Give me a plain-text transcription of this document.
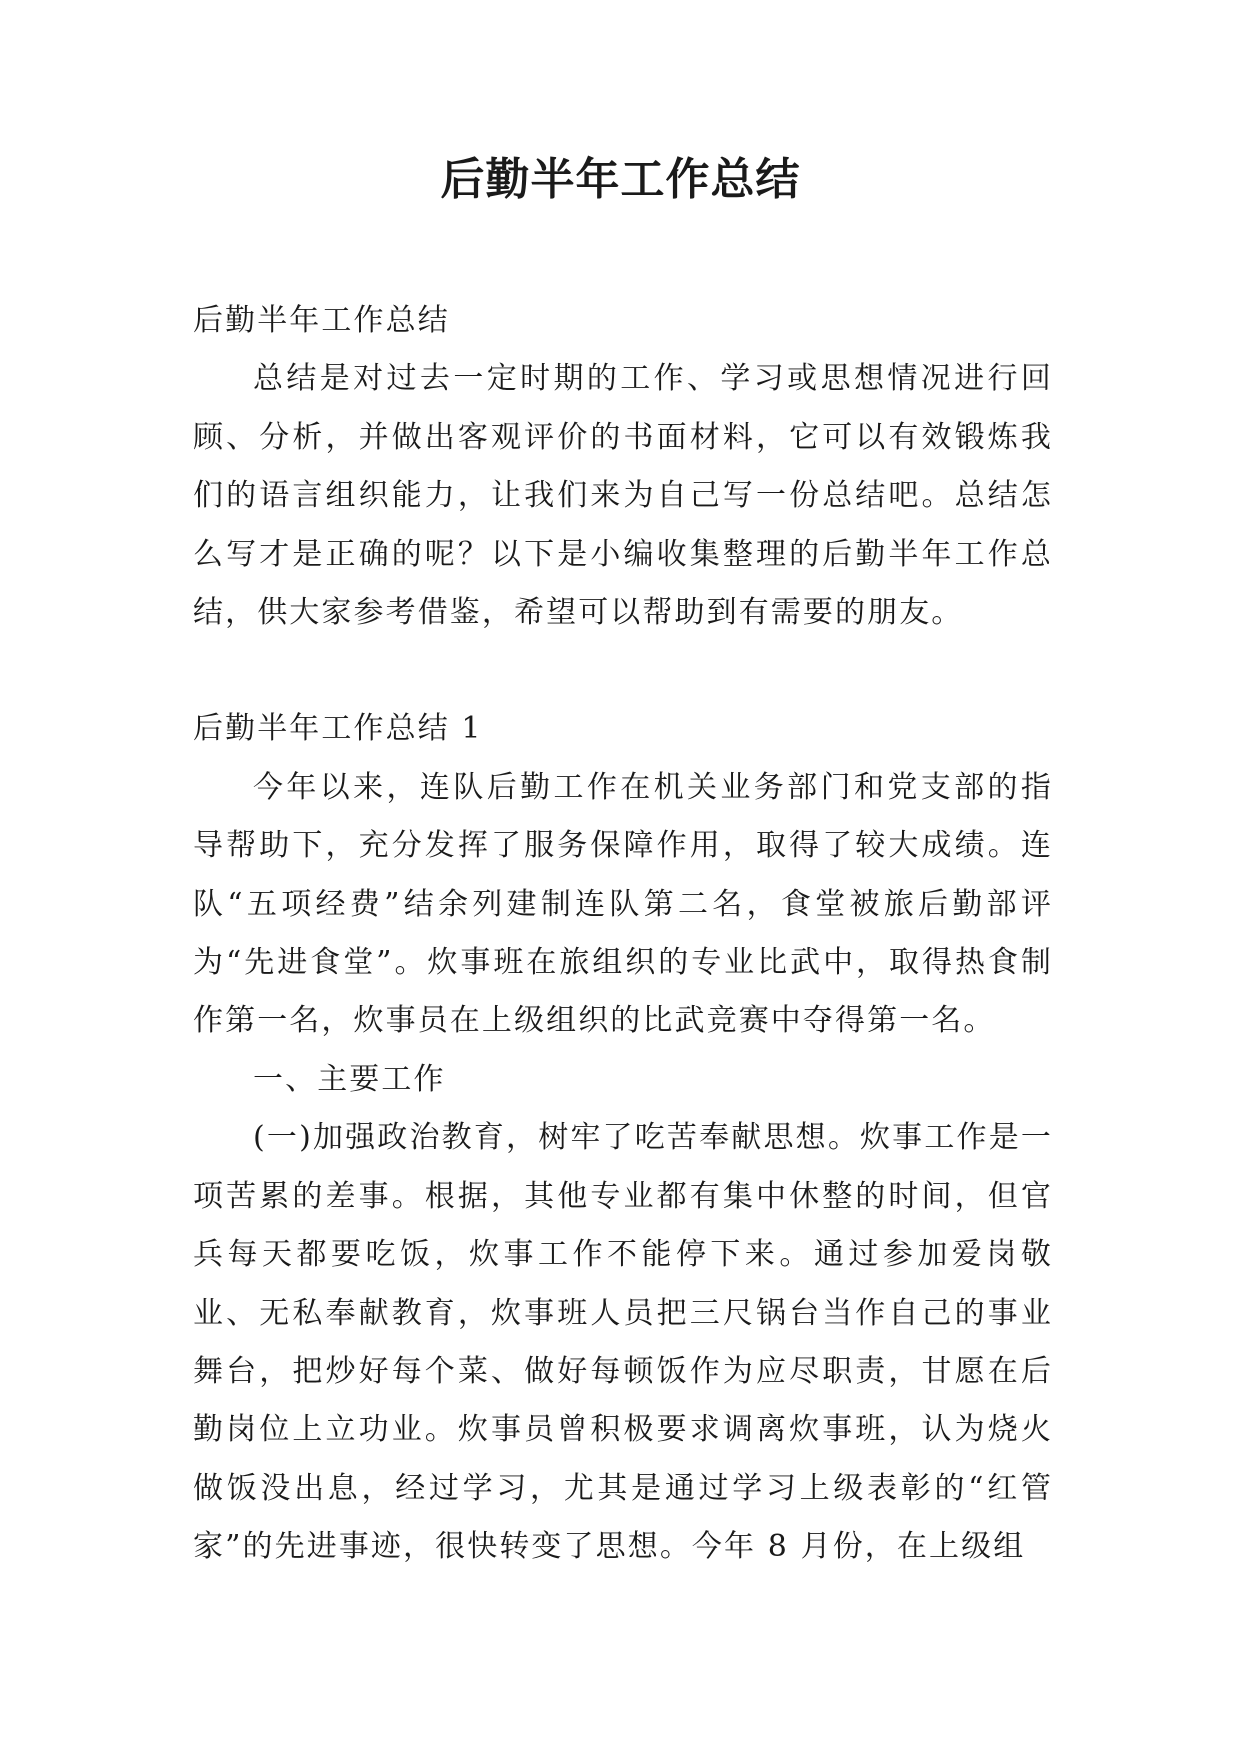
后勤半年工作总结

后勤半年工作总结

总结是对过去一定时期的工作、学习或思想情况进行回顾、分析，并做出客观评价的书面材料，它可以有效锻炼我们的语言组织能力，让我们来为自己写一份总结吧。总结怎么写才是正确的呢？以下是小编收集整理的后勤半年工作总结，供大家参考借鉴，希望可以帮助到有需要的朋友。

后勤半年工作总结 1

今年以来，连队后勤工作在机关业务部门和党支部的指导帮助下，充分发挥了服务保障作用，取得了较大成绩。连队“五项经费”结余列建制连队第二名，食堂被旅后勤部评为“先进食堂”。炊事班在旅组织的专业比武中，取得热食制作第一名，炊事员在上级组织的比武竞赛中夺得第一名。

一、主要工作

(一)加强政治教育，树牢了吃苦奉献思想。炊事工作是一项苦累的差事。根据，其他专业都有集中休整的时间，但官兵每天都要吃饭，炊事工作不能停下来。通过参加爱岗敬业、无私奉献教育，炊事班人员把三尺锅台当作自己的事业舞台，把炒好每个菜、做好每顿饭作为应尽职责，甘愿在后勤岗位上立功业。炊事员曾积极要求调离炊事班，认为烧火做饭没出息，经过学习，尤其是通过学习上级表彰的“红管家”的先进事迹，很快转变了思想。今年 8 月份，在上级组
